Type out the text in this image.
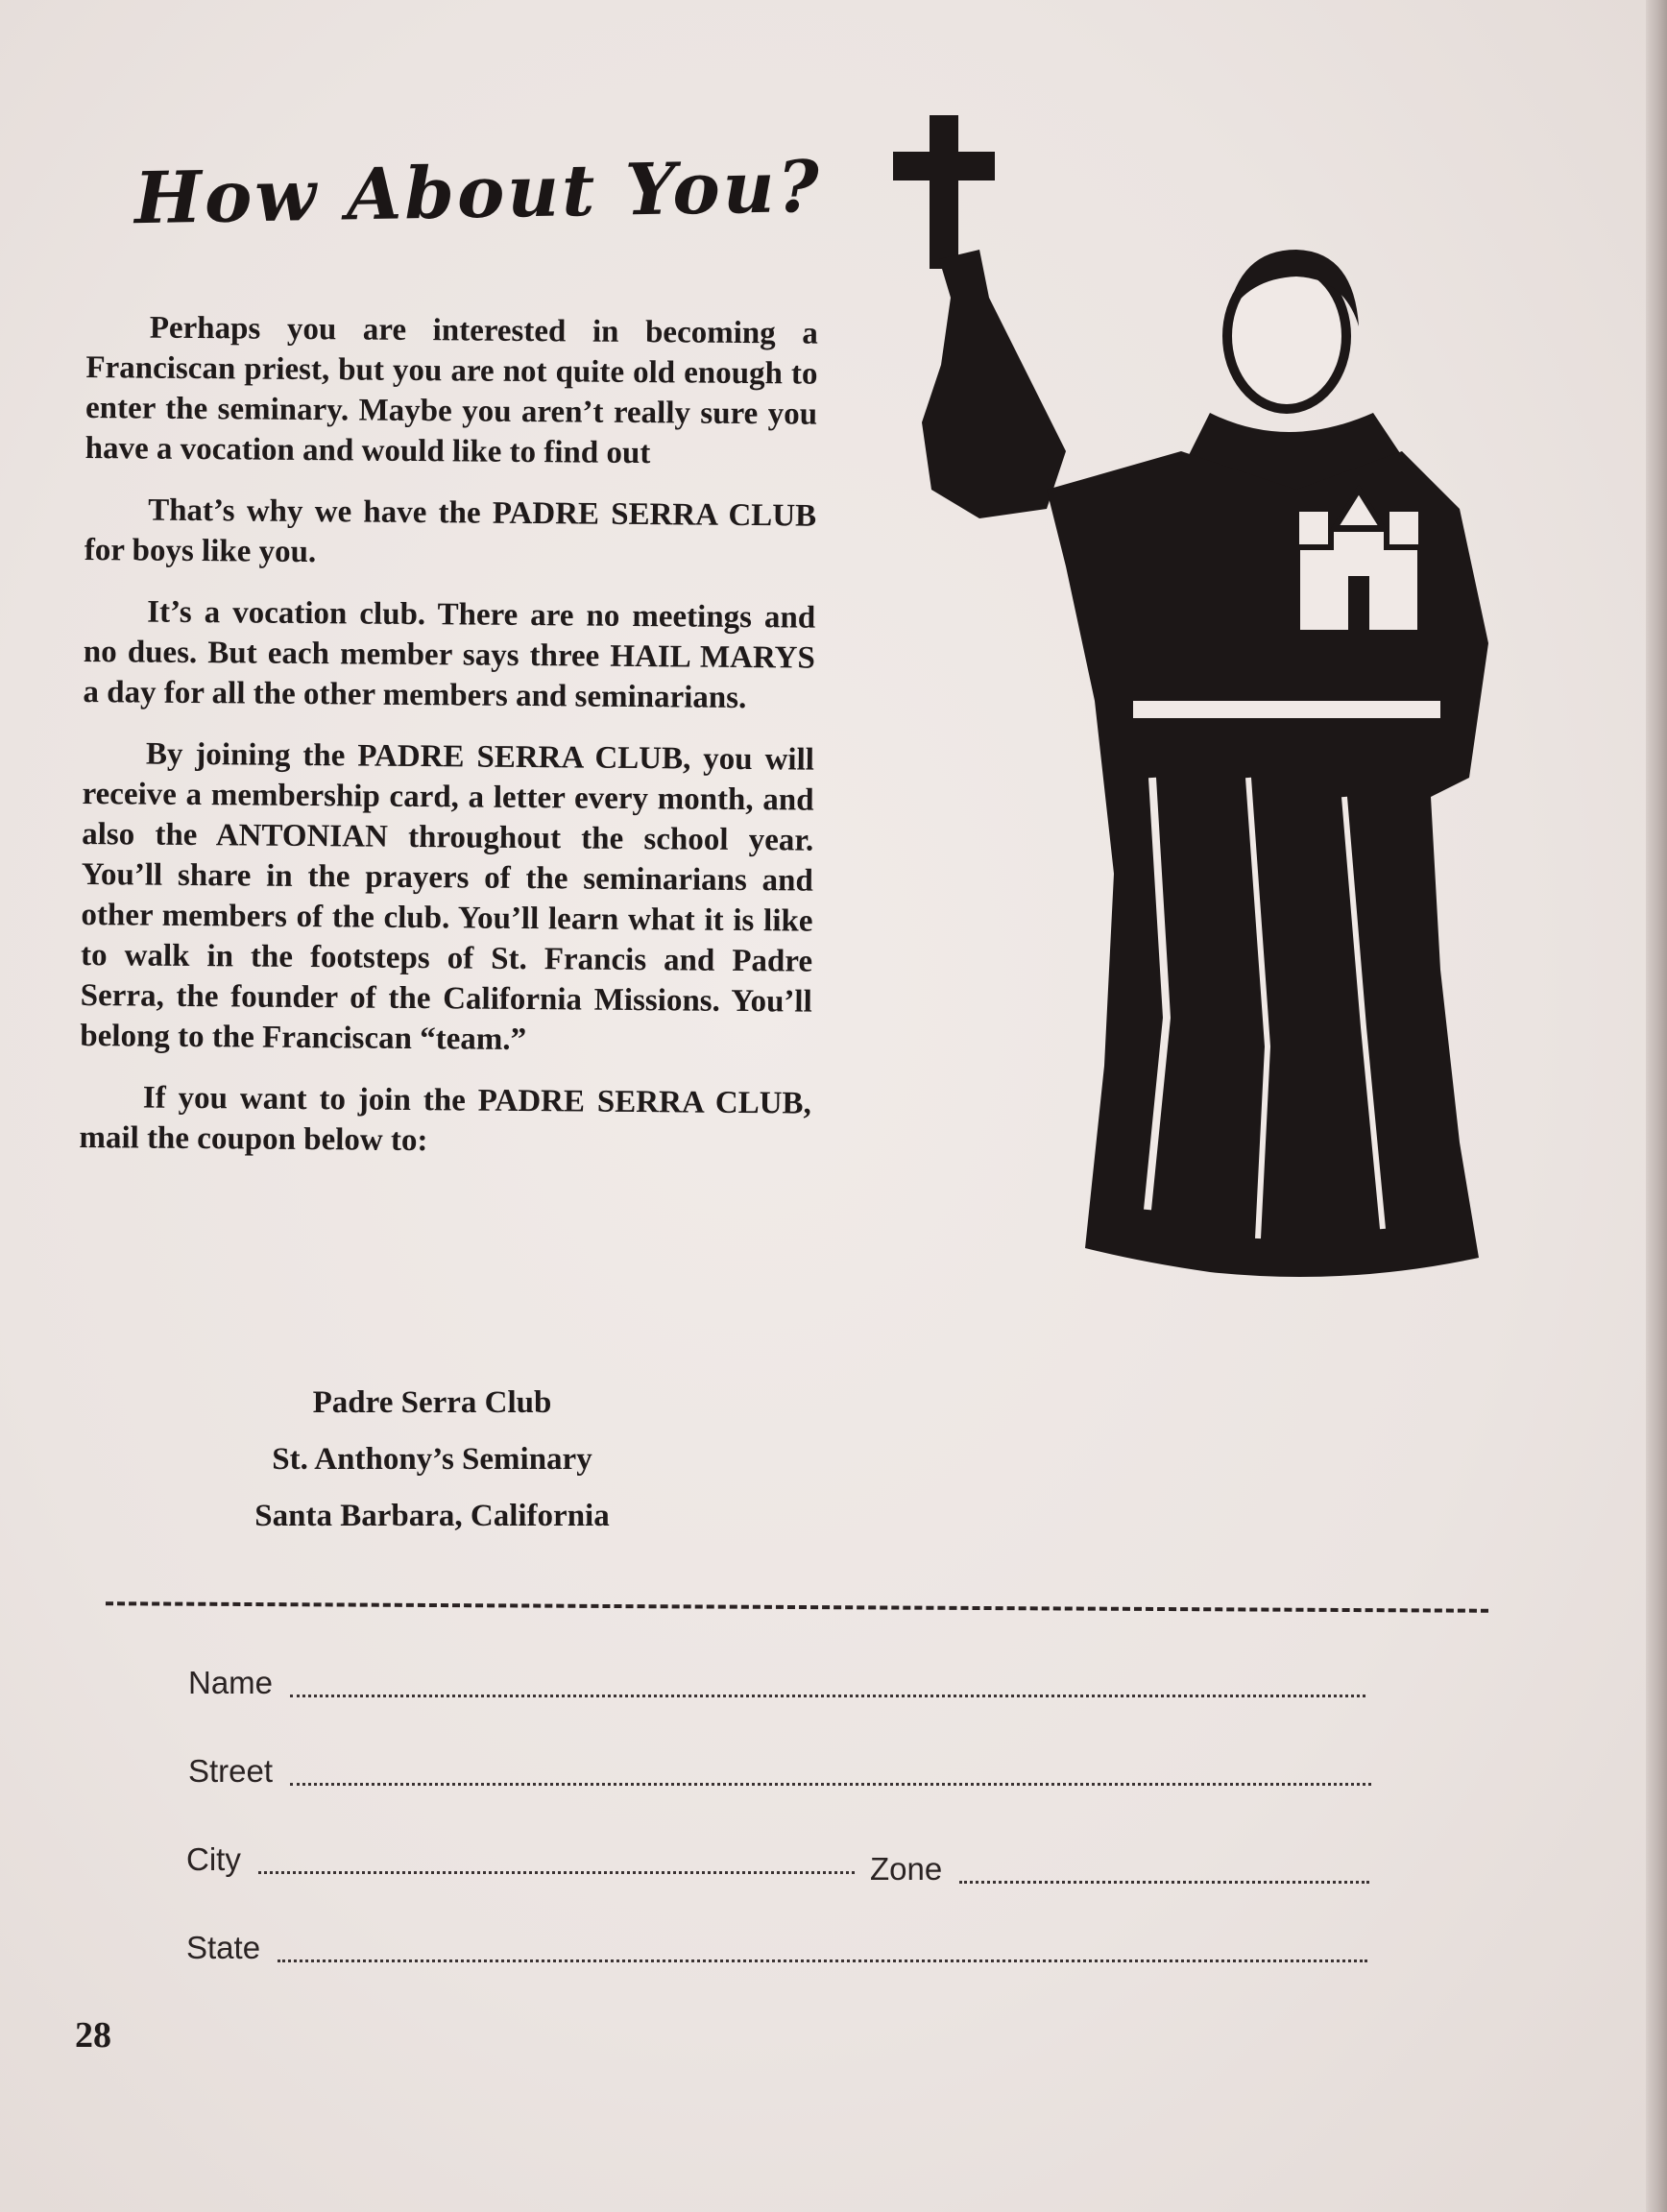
How About You?

Perhaps you are interested in becoming a Franciscan priest, but you are not quite old enough to enter the seminary. Maybe you aren’t really sure you have a vocation and would like to find out

That’s why we have the PADRE SERRA CLUB for boys like you.

It’s a vocation club. There are no meetings and no dues. But each member says three HAIL MARYS a day for all the other members and seminarians.

By joining the PADRE SERRA CLUB, you will receive a membership card, a letter every month, and also the ANTONIAN throughout the school year. You’ll share in the prayers of the seminarians and other members of the club. You’ll learn what it is like to walk in the footsteps of St. Francis and Padre Serra, the founder of the California Missions. You’ll belong to the Franciscan “team.”

If you want to join the PADRE SERRA CLUB, mail the coupon below to:

Padre Serra Club
St. Anthony’s Seminary
Santa Barbara, California
Name
Street
City	Zone
State
28
